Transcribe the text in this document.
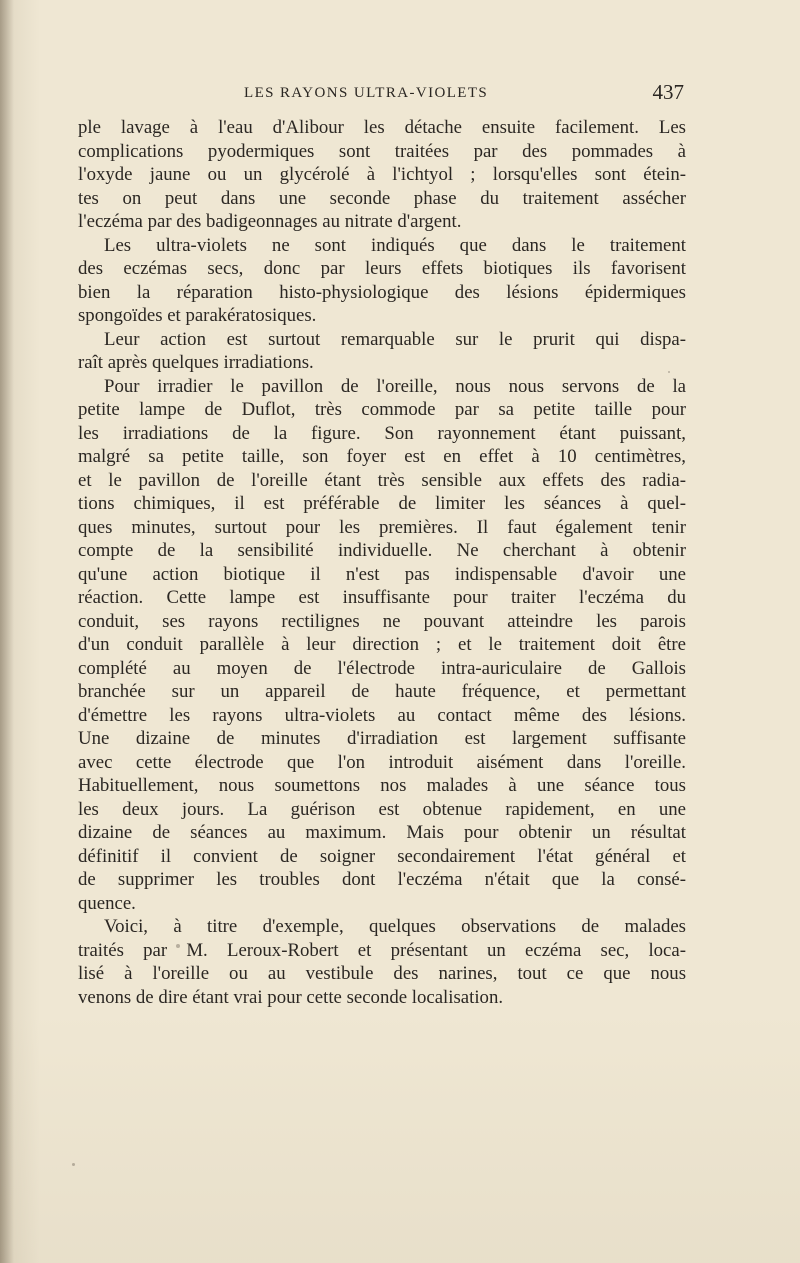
LES RAYONS ULTRA-VIOLETS	437
ple lavage à l'eau d'Alibour les détache ensuite facilement. Les
complications pyodermiques sont traitées par des pommades à
l'oxyde jaune ou un glycérolé à l'ichtyol ; lorsqu'elles sont étein-
tes on peut dans une seconde phase du traitement assécher
l'eczéma par des badigeonnages au nitrate d'argent.
Les ultra-violets ne sont indiqués que dans le traitement
des eczémas secs, donc par leurs effets biotiques ils favorisent
bien la réparation histo-physiologique des lésions épidermiques
spongoïdes et parakératosiques.
Leur action est surtout remarquable sur le prurit qui dispa-
raît après quelques irradiations.
Pour irradier le pavillon de l'oreille, nous nous servons de la
petite lampe de Duflot, très commode par sa petite taille pour
les irradiations de la figure. Son rayonnement étant puissant,
malgré sa petite taille, son foyer est en effet à 10 centimètres,
et le pavillon de l'oreille étant très sensible aux effets des radia-
tions chimiques, il est préférable de limiter les séances à quel-
ques minutes, surtout pour les premières. Il faut également tenir
compte de la sensibilité individuelle. Ne cherchant à obtenir
qu'une action biotique il n'est pas indispensable d'avoir une
réaction. Cette lampe est insuffisante pour traiter l'eczéma du
conduit, ses rayons rectilignes ne pouvant atteindre les parois
d'un conduit parallèle à leur direction ; et le traitement doit être
complété au moyen de l'électrode intra-auriculaire de Gallois
branchée sur un appareil de haute fréquence, et permettant
d'émettre les rayons ultra-violets au contact même des lésions.
Une dizaine de minutes d'irradiation est largement suffisante
avec cette électrode que l'on introduit aisément dans l'oreille.
Habituellement, nous soumettons nos malades à une séance tous
les deux jours. La guérison est obtenue rapidement, en une
dizaine de séances au maximum. Mais pour obtenir un résultat
définitif il convient de soigner secondairement l'état général et
de supprimer les troubles dont l'eczéma n'était que la consé-
quence.
Voici, à titre d'exemple, quelques observations de malades
traités par M. Leroux-Robert et présentant un eczéma sec, loca-
lisé à l'oreille ou au vestibule des narines, tout ce que nous
venons de dire étant vrai pour cette seconde localisation.
